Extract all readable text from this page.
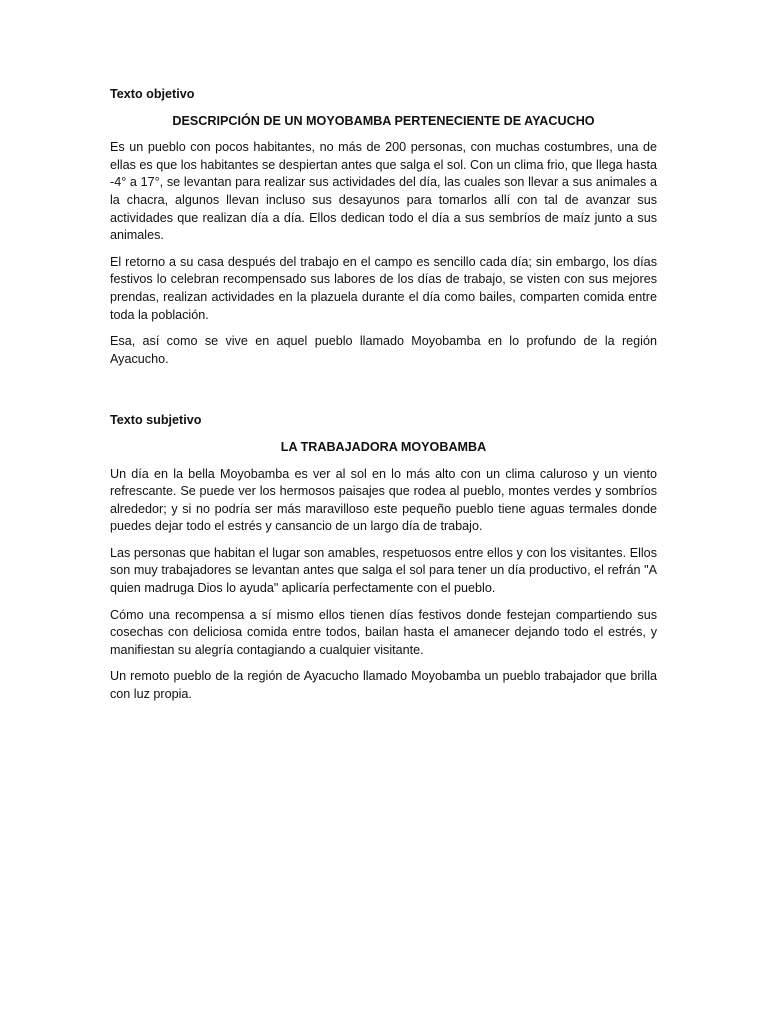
Texto objetivo

DESCRIPCIÓN DE UN MOYOBAMBA PERTENECIENTE DE AYACUCHO

Es un pueblo con pocos habitantes, no más de 200 personas, con muchas costumbres, una de ellas es que los habitantes se despiertan antes que salga el sol. Con un clima frio, que llega hasta -4° a 17°, se levantan para realizar sus actividades del día, las cuales son llevar a sus animales a la chacra, algunos llevan incluso sus desayunos para tomarlos allí con tal de avanzar sus actividades que realizan día a día. Ellos dedican todo el día a sus sembríos de maíz junto a sus animales.

El retorno a su casa después del trabajo en el campo es sencillo cada día; sin embargo, los días festivos lo celebran recompensado sus labores de los días de trabajo, se visten con sus mejores prendas, realizan actividades en la plazuela durante el día como bailes, comparten comida entre toda la población.

Esa, así como se vive en aquel pueblo llamado Moyobamba en lo profundo de la región Ayacucho.

Texto subjetivo

LA TRABAJADORA MOYOBAMBA

Un día en la bella Moyobamba es ver al sol en lo más alto con un clima caluroso y un viento refrescante. Se puede ver los hermosos paisajes que rodea al pueblo, montes verdes y sombríos alrededor; y si no podría ser más maravilloso este pequeño pueblo tiene aguas termales donde puedes dejar todo el estrés y cansancio de un largo día de trabajo.

Las personas que habitan el lugar son amables, respetuosos entre ellos y con los visitantes. Ellos son muy trabajadores se levantan antes que salga el sol para tener un día productivo, el refrán "A quien madruga Dios lo ayuda" aplicaría perfectamente con el pueblo.

Cómo una recompensa a sí mismo ellos tienen días festivos donde festejan compartiendo sus cosechas con deliciosa comida entre todos, bailan hasta el amanecer dejando todo el estrés, y manifiestan su alegría contagiando a cualquier visitante.

Un remoto pueblo de la región de Ayacucho llamado Moyobamba un pueblo trabajador que brilla con luz propia.
